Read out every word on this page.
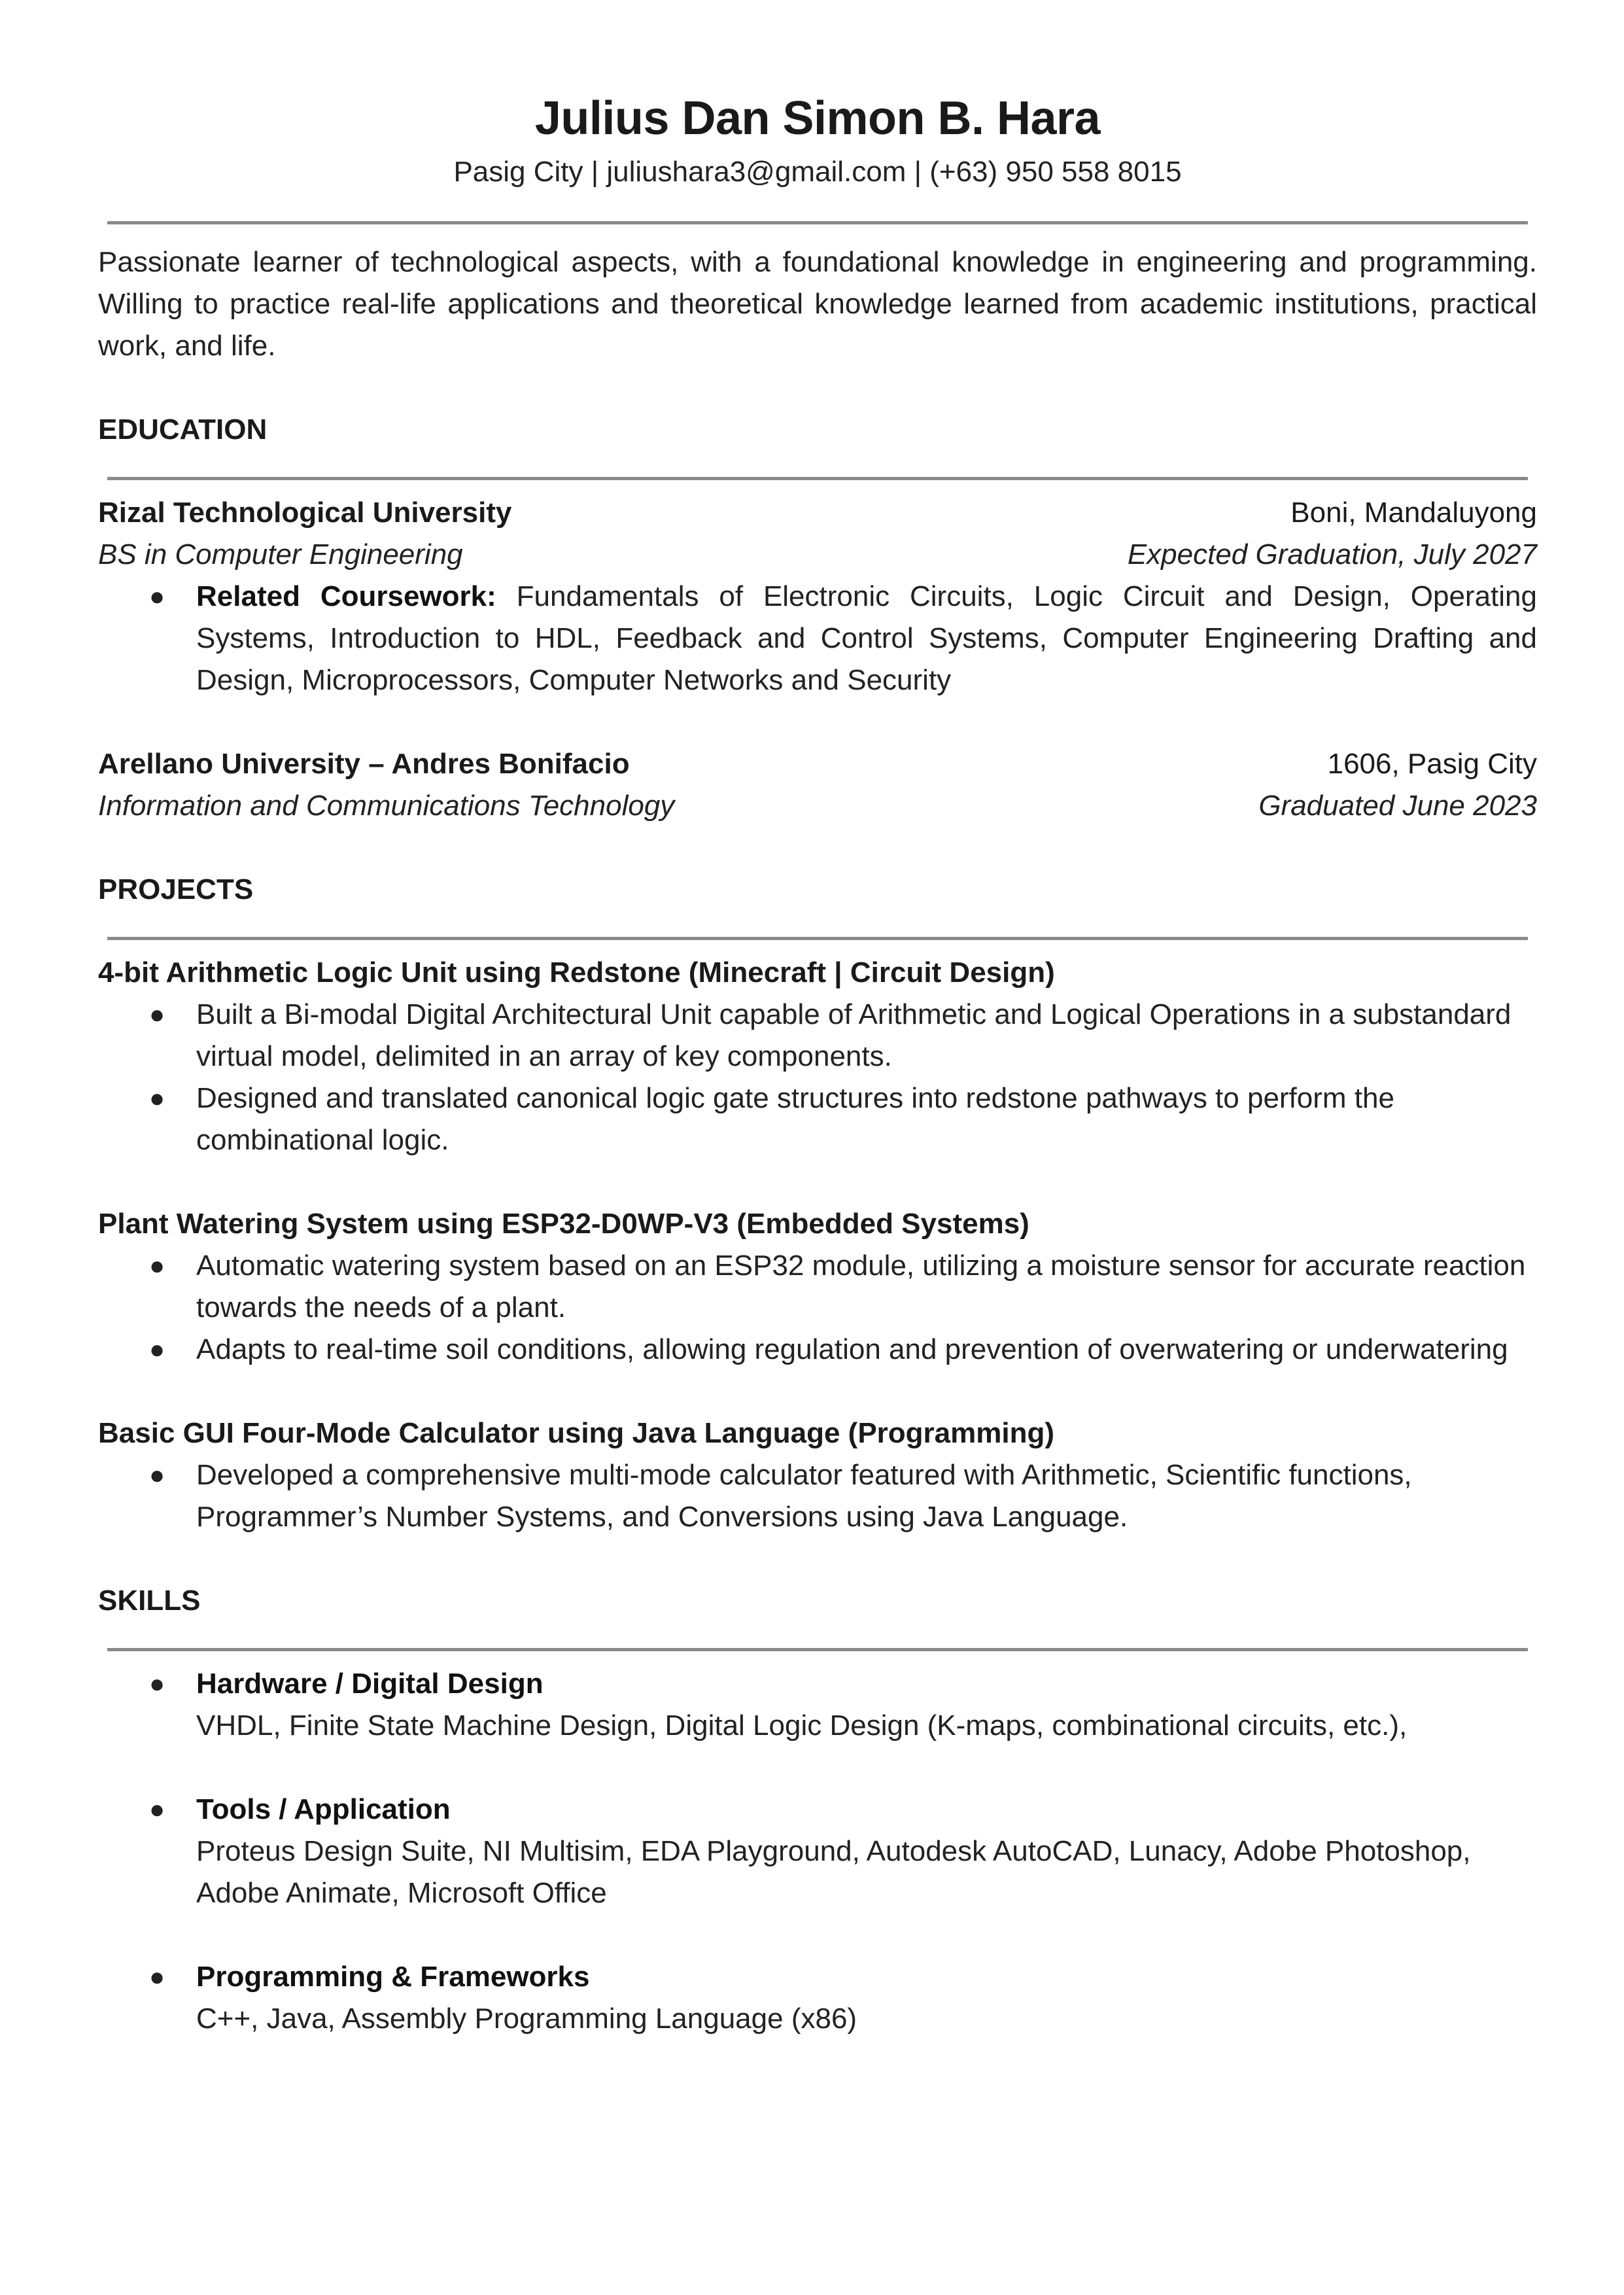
Julius Dan Simon B. Hara
Pasig City | juliushara3@gmail.com | (+63) 950 558 8015
Passionate learner of technological aspects, with a foundational knowledge in engineering and programming. Willing to practice real-life applications and theoretical knowledge learned from academic institutions, practical work, and life.
EDUCATION
Rizal Technological University	Boni, Mandaluyong
BS in Computer Engineering	Expected Graduation, July 2027
● Related Coursework: Fundamentals of Electronic Circuits, Logic Circuit and Design, Operating Systems, Introduction to HDL, Feedback and Control Systems, Computer Engineering Drafting and Design, Microprocessors, Computer Networks and Security
Arellano University – Andres Bonifacio	1606, Pasig City
Information and Communications Technology	Graduated June 2023
PROJECTS
4-bit Arithmetic Logic Unit using Redstone (Minecraft | Circuit Design)
● Built a Bi-modal Digital Architectural Unit capable of Arithmetic and Logical Operations in a substandard virtual model, delimited in an array of key components.
● Designed and translated canonical logic gate structures into redstone pathways to perform the combinational logic.
Plant Watering System using ESP32-D0WP-V3 (Embedded Systems)
● Automatic watering system based on an ESP32 module, utilizing a moisture sensor for accurate reaction towards the needs of a plant.
● Adapts to real-time soil conditions, allowing regulation and prevention of overwatering or underwatering
Basic GUI Four-Mode Calculator using Java Language (Programming)
● Developed a comprehensive multi-mode calculator featured with Arithmetic, Scientific functions, Programmer’s Number Systems, and Conversions using Java Language.
SKILLS
● Hardware / Digital Design
VHDL, Finite State Machine Design, Digital Logic Design (K-maps, combinational circuits, etc.),
● Tools / Application
Proteus Design Suite, NI Multisim, EDA Playground, Autodesk AutoCAD, Lunacy, Adobe Photoshop, Adobe Animate, Microsoft Office
● Programming & Frameworks
C++, Java, Assembly Programming Language (x86)
